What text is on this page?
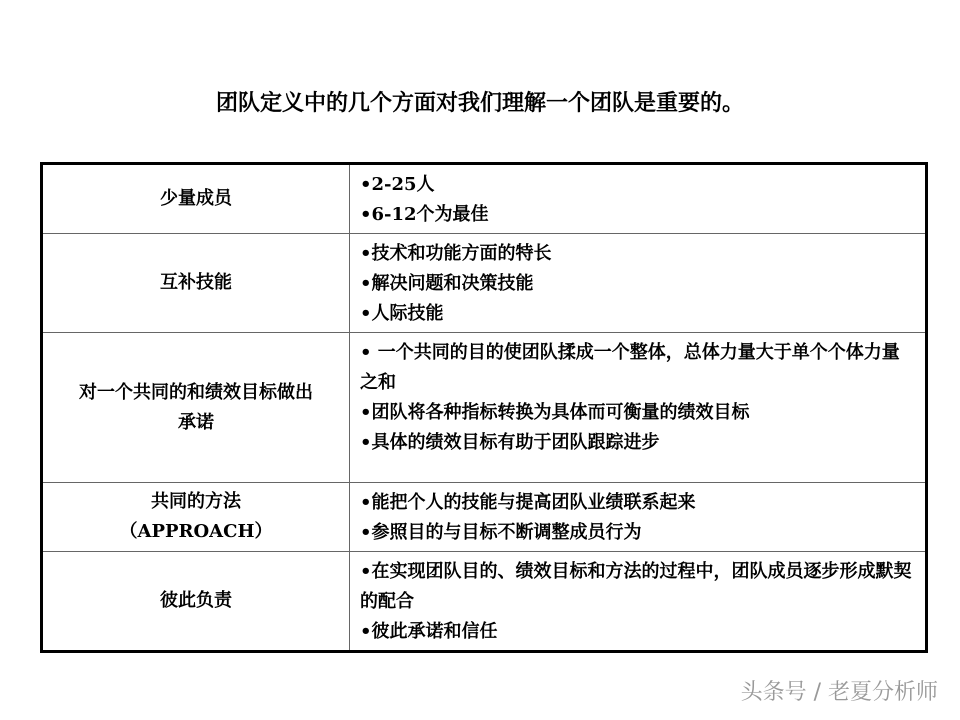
团队定义中的几个方面对我们理解一个团队是重要的。
少量成员	•2-25人
•6-12个为最佳

互补技能	•技术和功能方面的特长
•解决问题和决策技能
•人际技能

对一个共同的和绩效目标做出承诺	• 一个共同的目的使团队揉成一个整体，总体力量大于单个个体力量之和
•团队将各种指标转换为具体而可衡量的绩效目标
•具体的绩效目标有助于团队跟踪进步

共同的方法（APPROACH）	•能把个人的技能与提高团队业绩联系起来
•参照目的与目标不断调整成员行为

彼此负责	•在实现团队目的、绩效目标和方法的过程中，团队成员逐步形成默契的配合
•彼此承诺和信任
头条号 / 老夏分析师
